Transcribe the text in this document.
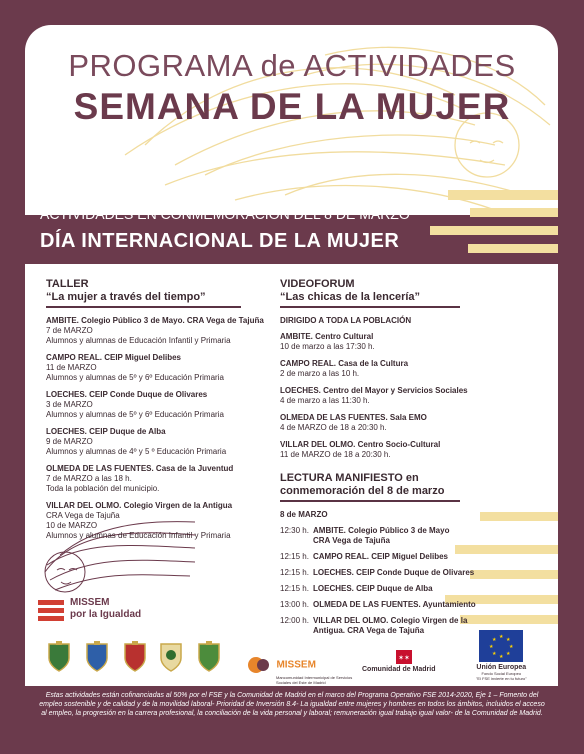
PROGRAMA de ACTIVIDADES
SEMANA DE LA MUJER
ACTIVIDADES EN CONMEMORACIÓN DEL 8 DE MARZO
DÍA INTERNACIONAL DE LA MUJER
TALLER
“La mujer a través del tiempo”
AMBITE. Colegio Público 3 de Mayo. CRA Vega de Tajuña
7 de MARZO
Alumnos y alumnas de Educación Infantil y Primaria
CAMPO REAL. CEIP Miguel Delibes
11 de MARZO
Alumnos y alumnas de 5º y 6º Educación Primaria
LOECHES. CEIP Conde Duque de Olivares
3 de MARZO
Alumnos y alumnas de 5º y 6º Educación Primaria
LOECHES. CEIP Duque de Alba
9 de MARZO
Alumnos y alumnas de 4º y 5 º Educación Primaria
OLMEDA DE LAS FUENTES. Casa de la Juventud
7 de MARZO a las 18 h.
Toda la población del municipio.
VILLAR DEL OLMO. Colegio Virgen de la Antigua
CRA Vega de Tajuña
10 de MARZO
Alumnos y alumnas de Educación Infantil y Primaria
VIDEOFORUM
“Las chicas de la lencería”
DIRIGIDO A TODA LA POBLACIÓN
AMBITE. Centro Cultural
10 de marzo a las 17:30 h.
CAMPO REAL. Casa de la Cultura
2 de marzo a las 10 h.
LOECHES. Centro del Mayor y Servicios Sociales
4 de marzo a las 11:30 h.
OLMEDA DE LAS FUENTES. Sala EMO
4 de MARZO de 18 a 20:30 h.
VILLAR DEL OLMO. Centro Socio-Cultural
11 de MARZO de 18 a 20:30 h.
LECTURA MANIFIESTO en
conmemoración del 8 de marzo
8 de MARZO
12:30 h. AMBITE. Colegio Público 3 de Mayo
CRA Vega de Tajuña
12:15 h. CAMPO REAL. CEIP Miguel Delibes
12:15 h. LOECHES. CEIP Conde Duque de Olivares
12:15 h. LOECHES. CEIP Duque de Alba
13:00 h. OLMEDA DE LAS FUENTES. Ayuntamiento
12:00 h. VILLAR DEL OLMO. Colegio Virgen de la
Antigua. CRA Vega de Tajuña
MISSEM
por la Igualdad
MISSEM
Mancomunidad Intermunicipal de Servicios Sociales del Este de Madrid
✶✶
Comunidad de Madrid
★ ★
★
★
★
★
★
★
Unión Europea
Fondo Social Europeo
"El FSE invierte en tu futuro"
Estas actividades están cofinanciadas al 50% por el FSE y la Comunidad de Madrid en el marco del Programa Operativo FSE 2014-2020, Eje 1 – Fomento del empleo sostenible y de calidad y de la movilidad laboral- Prioridad de Inversión 8.4- La igualdad entre mujeres y hombres en todos los ámbitos, incluidos el acceso al empleo, la progresión en la carrera profesional, la conciliación de la vida personal y laboral; remuneración igual trabajo igual valor- de la Comunidad de Madrid.
